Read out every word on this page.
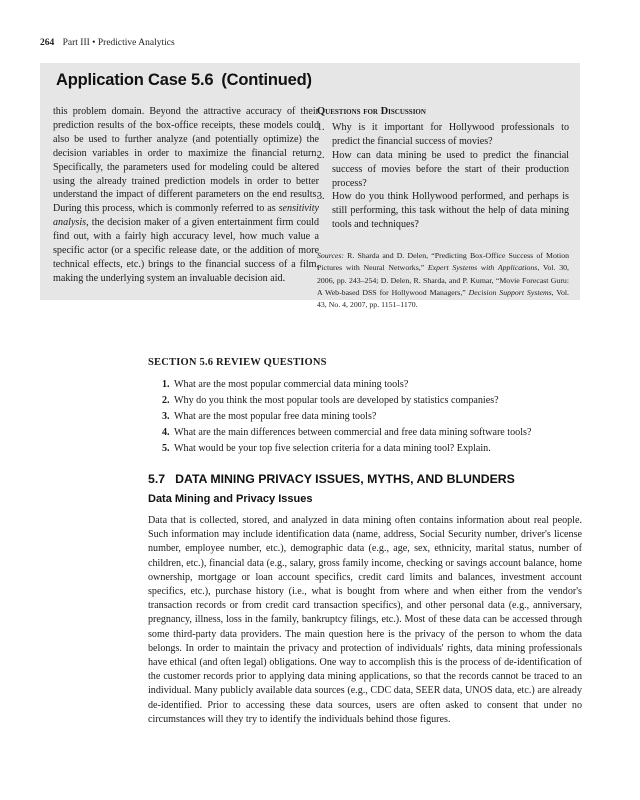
264 Part III • Predictive Analytics
Application Case 5.6 (Continued)
this problem domain. Beyond the attractive accuracy of their prediction results of the box-office receipts, these models could also be used to further analyze (and potentially optimize) the decision variables in order to maximize the financial return. Specifically, the parameters used for modeling could be altered using the already trained prediction models in order to better understand the impact of different parameters on the end results. During this process, which is commonly referred to as sensitivity analysis, the decision maker of a given entertainment firm could find out, with a fairly high accuracy level, how much value a specific actor (or a specific release date, or the addition of more technical effects, etc.) brings to the financial success of a film, making the underlying system an invaluable decision aid.
Questions for Discussion
1. Why is it important for Hollywood professionals to predict the financial success of movies?
2. How can data mining be used to predict the financial success of movies before the start of their production process?
3. How do you think Hollywood performed, and perhaps is still performing, this task without the help of data mining tools and techniques?
Sources: R. Sharda and D. Delen, “Predicting Box-Office Success of Motion Pictures with Neural Networks,” Expert Systems with Applications, Vol. 30, 2006, pp. 243–254; D. Delen, R. Sharda, and P. Kumar, “Movie Forecast Guru: A Web-based DSS for Hollywood Managers,” Decision Support Systems, Vol. 43, No. 4, 2007, pp. 1151–1170.
SECTION 5.6 REVIEW QUESTIONS
1. What are the most popular commercial data mining tools?
2. Why do you think the most popular tools are developed by statistics companies?
3. What are the most popular free data mining tools?
4. What are the main differences between commercial and free data mining software tools?
5. What would be your top five selection criteria for a data mining tool? Explain.
5.7 DATA MINING PRIVACY ISSUES, MYTHS, AND BLUNDERS
Data Mining and Privacy Issues
Data that is collected, stored, and analyzed in data mining often contains information about real people. Such information may include identification data (name, address, Social Security number, driver's license number, employee number, etc.), demographic data (e.g., age, sex, ethnicity, marital status, number of children, etc.), financial data (e.g., salary, gross family income, checking or savings account balance, home ownership, mortgage or loan account specifics, credit card limits and balances, investment account specifics, etc.), purchase history (i.e., what is bought from where and when either from the vendor's transaction records or from credit card transaction specifics), and other personal data (e.g., anniversary, pregnancy, illness, loss in the family, bankruptcy filings, etc.). Most of these data can be accessed through some third-party data providers. The main question here is the privacy of the person to whom the data belongs. In order to maintain the privacy and protection of individuals' rights, data mining professionals have ethical (and often legal) obligations. One way to accomplish this is the process of de-identification of the customer records prior to applying data mining applications, so that the records cannot be traced to an individual. Many publicly available data sources (e.g., CDC data, SEER data, UNOS data, etc.) are already de-identified. Prior to accessing these data sources, users are often asked to consent that under no circumstances will they try to identify the individuals behind those figures.
